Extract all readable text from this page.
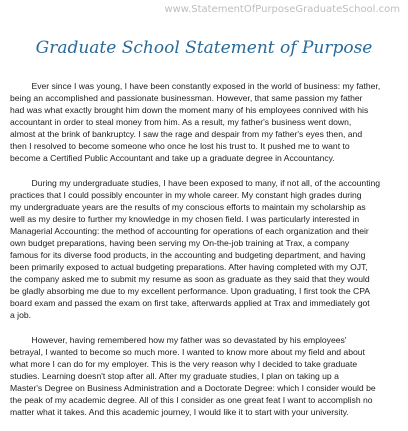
www.StatementOfPurposeGraduateSchool.com
Graduate School Statement of Purpose
Ever since I was young, I have been constantly exposed in the world of business: my father,
being an accomplished and passionate businessman. However, that same passion my father
had was what exactly brought him down the moment many of his employees connived with his
accountant in order to steal money from him. As a result, my father's business went down,
almost at the brink of bankruptcy. I saw the rage and despair from my father's eyes then, and
then I resolved to become someone who once he lost his trust to. It pushed me to want to
become a Certified Public Accountant and take up a graduate degree in Accountancy.
During my undergraduate studies, I have been exposed to many, if not all, of the accounting
practices that I could possibly encounter in my whole career. My constant high grades during
my undergraduate years are the results of my conscious efforts to maintain my scholarship as
well as my desire to further my knowledge in my chosen field. I was particularly interested in
Managerial Accounting: the method of accounting for operations of each organization and their
own budget preparations, having been serving my On-the-job training at Trax, a company
famous for its diverse food products, in the accounting and budgeting department, and having
been primarily exposed to actual budgeting preparations. After having completed with my OJT,
the company asked me to submit my resume as soon as graduate as they said that they would
be gladly absorbing me due to my excellent performance. Upon graduating, I first took the CPA
board exam and passed the exam on first take, afterwards applied at Trax and immediately got
a job.
However, having remembered how my father was so devastated by his employees'
betrayal, I wanted to become so much more. I wanted to know more about my field and about
what more I can do for my employer. This is the very reason why I decided to take graduate
studies. Learning doesn't stop after all. After my graduate studies, I plan on taking up a
Master's Degree on Business Administration and a Doctorate Degree: which I consider would be
the peak of my academic degree. All of this I consider as one great feat I want to accomplish no
matter what it takes. And this academic journey, I would like it to start with your university.
